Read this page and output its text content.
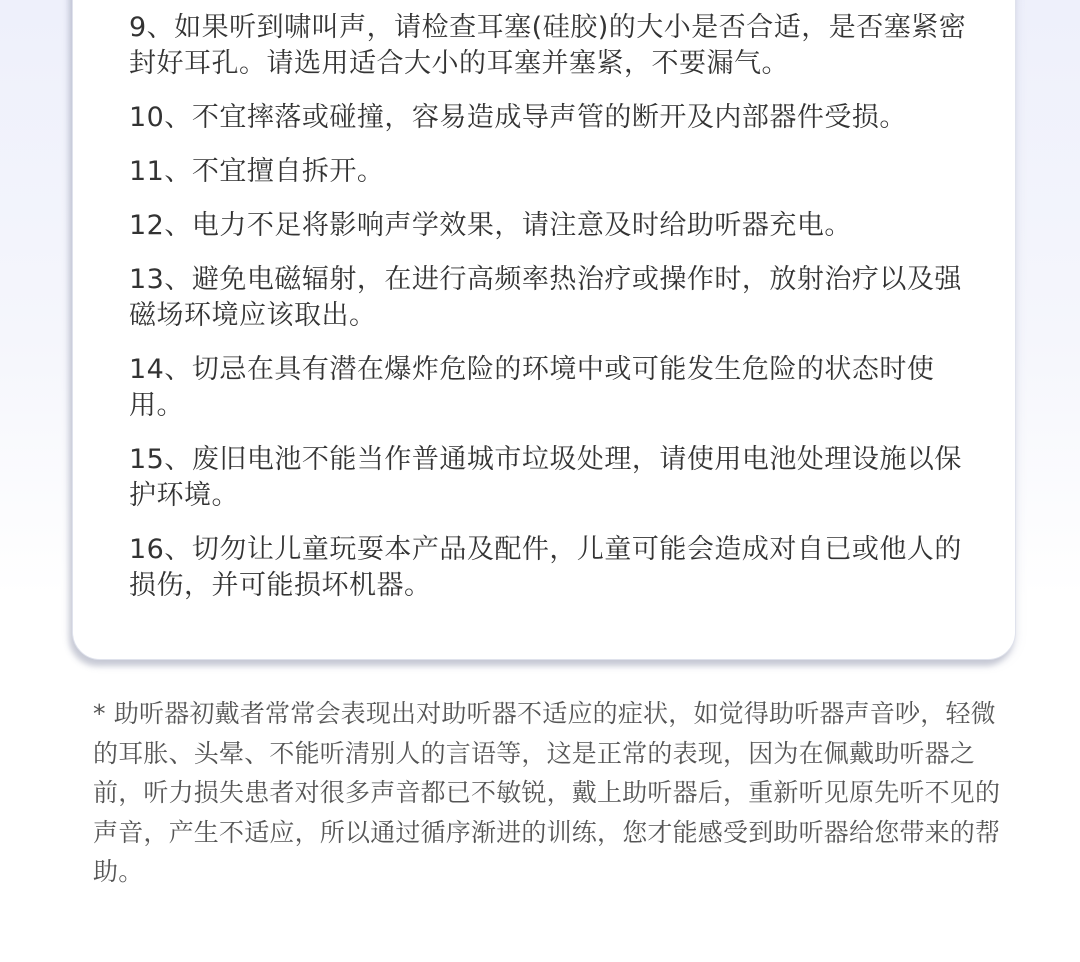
9、如果听到啸叫声，请检查耳塞(硅胶)的大小是否合适，是否塞紧密封好耳孔。请选用适合大小的耳塞并塞紧，不要漏气。

10、不宜摔落或碰撞，容易造成导声管的断开及内部器件受损。

11、不宜擅自拆开。

12、电力不足将影响声学效果，请注意及时给助听器充电。

13、避免电磁辐射，在进行高频率热治疗或操作时，放射治疗以及强磁场环境应该取出。

14、切忌在具有潜在爆炸危险的环境中或可能发生危险的状态时使用。

15、废旧电池不能当作普通城市垃圾处理，请使用电池处理设施以保护环境。

16、切勿让儿童玩耍本产品及配件，儿童可能会造成对自已或他人的损伤，并可能损坏机器。

* 助听器初戴者常常会表现出对助听器不适应的症状，如觉得助听器声音吵，轻微的耳胀、头晕、不能听清别人的言语等，这是正常的表现，因为在佩戴助听器之前，听力损失患者对很多声音都已不敏锐，戴上助听器后，重新听见原先听不见的声音，产生不适应，所以通过循序渐进的训练，您才能感受到助听器给您带来的帮助。
